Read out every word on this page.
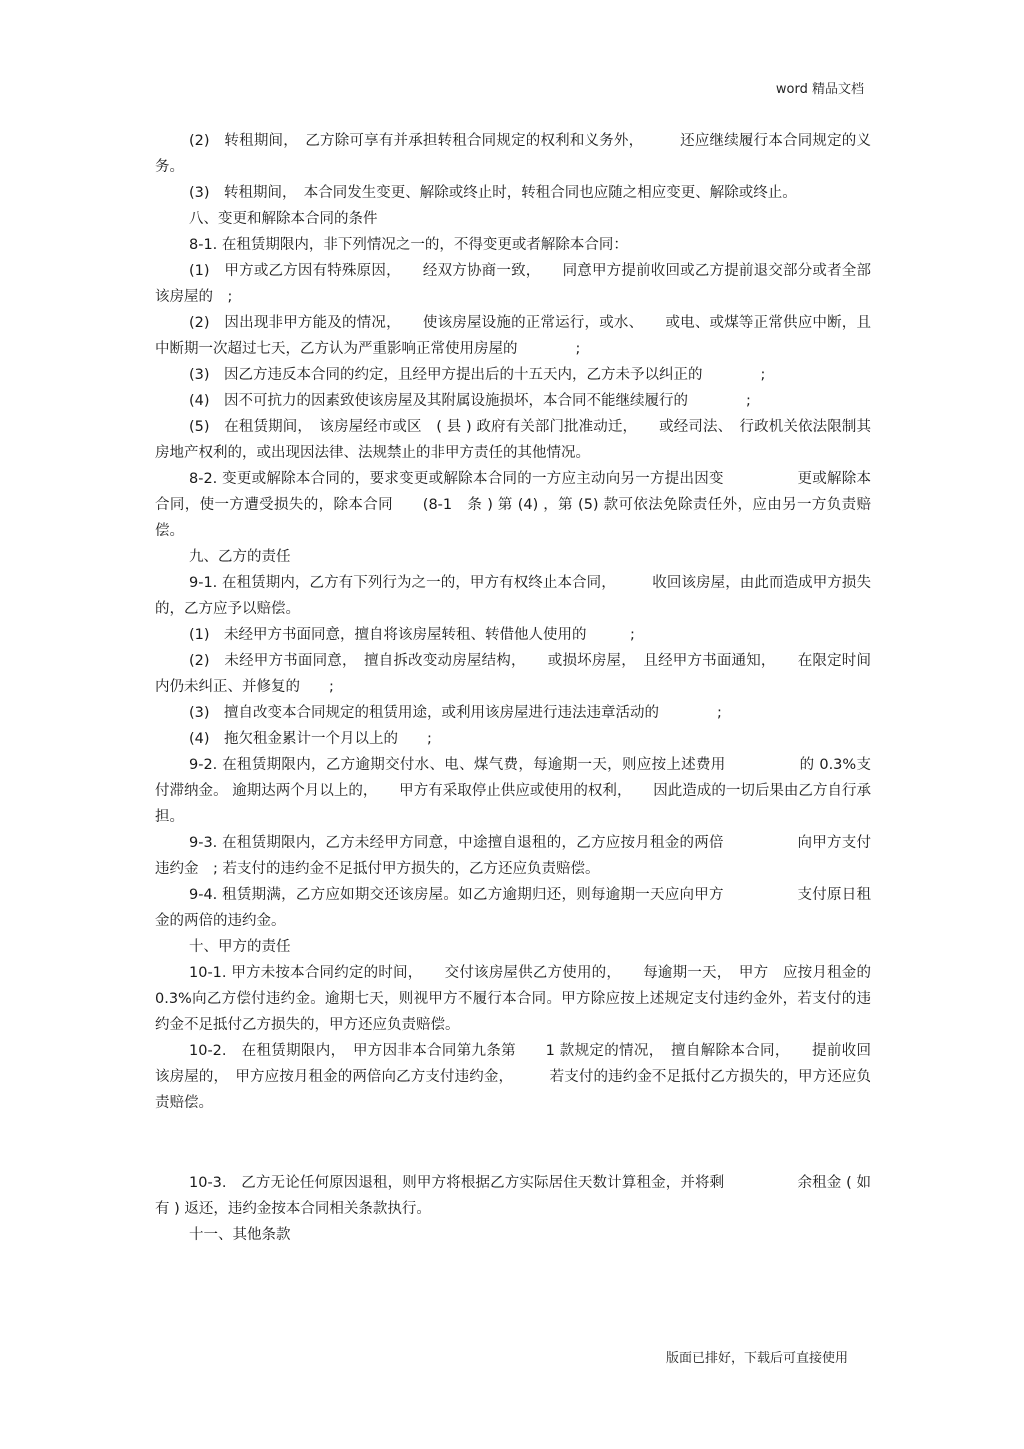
word 精品文档

(2)　转租期间，　乙方除可享有并承担转租合同规定的权利和义务外，　　　还应继续履行本合同规定的义务。

(3)　转租期间，　本合同发生变更、解除或终止时，转租合同也应随之相应变更、解除或终止。

八、变更和解除本合同的条件

8-1. 在租赁期限内，非下列情况之一的，不得变更或者解除本合同：

(1)　甲方或乙方因有特殊原因，　　经双方协商一致，　　同意甲方提前收回或乙方提前退交部分或者全部该房屋的　;

(2)　因出现非甲方能及的情况，　　使该房屋设施的正常运行，或水、　　或电、或煤等正常供应中断，且中断期一次超过七天，乙方认为严重影响正常使用房屋的　　　　;

(3)　因乙方违反本合同的约定，且经甲方提出后的十五天内，乙方未予以纠正的　　　　;

(4)　因不可抗力的因素致使该房屋及其附属设施损坏，本合同不能继续履行的　　　　;

(5)　在租赁期间，　该房屋经市或区　( 县 ) 政府有关部门批准动迁，　　或经司法、　行政机关依法限制其房地产权利的，或出现因法律、法规禁止的非甲方责任的其他情况。

8-2. 变更或解除本合同的，要求变更或解除本合同的一方应主动向另一方提出因变　　　　　更或解除本合同，使一方遭受损失的，除本合同　　(8-1　条 ) 第 (4) ，第 (5) 款可依法免除责任外，应由另一方负责赔偿。

九、乙方的责任

9-1. 在租赁期内，乙方有下列行为之一的，甲方有权终止本合同，　　　收回该房屋，由此而造成甲方损失的，乙方应予以赔偿。

(1)　未经甲方书面同意，擅自将该房屋转租、转借他人使用的　　　;

(2)　未经甲方书面同意，　擅自拆改变动房屋结构，　　或损坏房屋，　且经甲方书面通知，　　在限定时间内仍未纠正、并修复的　　;

(3)　擅自改变本合同规定的租赁用途，或利用该房屋进行违法违章活动的　　　　;

(4)　拖欠租金累计一个月以上的　　;

9-2. 在租赁期限内，乙方逾期交付水、电、煤气费，每逾期一天，则应按上述费用　　　　　的 0.3%支付滞纳金。 逾期达两个月以上的，　　甲方有采取停止供应或使用的权利，　　因此造成的一切后果由乙方自行承担。

9-3. 在租赁期限内，乙方未经甲方同意，中途擅自退租的，乙方应按月租金的两倍　　　　　向甲方支付违约金　; 若支付的违约金不足抵付甲方损失的，乙方还应负责赔偿。

9-4. 租赁期满，乙方应如期交还该房屋。如乙方逾期归还，则每逾期一天应向甲方　　　　　支付原日租金的两倍的违约金。

十、甲方的责任

10-1. 甲方未按本合同约定的时间，　　交付该房屋供乙方使用的，　　每逾期一天，　甲方　应按月租金的　0.3%向乙方偿付违约金。逾期七天，则视甲方不履行本合同。甲方除应按上述规定支付违约金外，若支付的违约金不足抵付乙方损失的，甲方还应负责赔偿。

10-2.　在租赁期限内，　甲方因非本合同第九条第　　1 款规定的情况，　擅自解除本合同，　　提前收回该房屋的，　甲方应按月租金的两倍向乙方支付违约金，　　　若支付的违约金不足抵付乙方损失的，甲方还应负责赔偿。

10-3.　乙方无论任何原因退租，则甲方将根据乙方实际居住天数计算租金，并将剩　　　　　余租金 ( 如有 ) 返还，违约金按本合同相关条款执行。

十一、其他条款

版面已排好，下载后可直接使用
